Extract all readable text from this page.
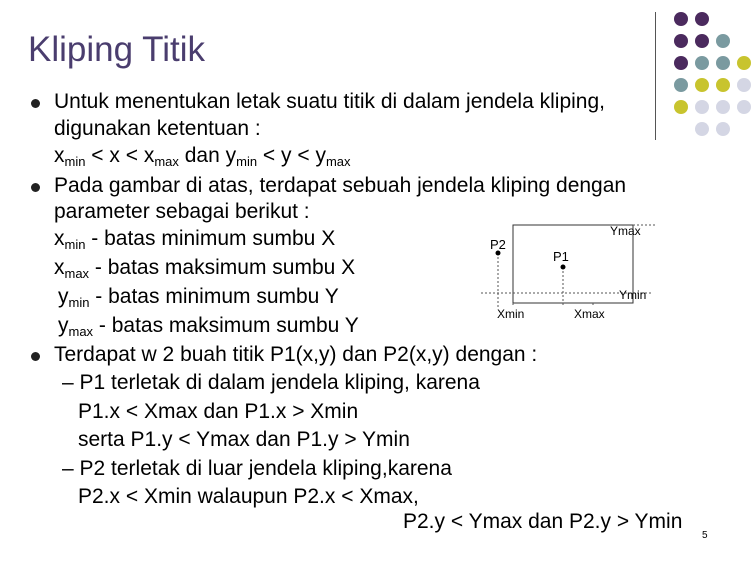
Kliping Titik
Untuk menentukan letak suatu titik di dalam jendela kliping,
digunakan ketentuan :
$x_{min} < x < x_{max}$ dan $y_{min} < y < y_{max}$
Pada gambar di atas, terdapat sebuah jendela kliping dengan
parameter sebagai berikut :
$x_{min}$ - batas minimum sumbu X
$x_{max}$ - batas maksimum sumbu X
$y_{min}$ - batas minimum sumbu Y
$y_{max}$ - batas maksimum sumbu Y
Terdapat w 2 buah titik P1(x,y) dan P2(x,y) dengan :
– P1 terletak di dalam jendela kliping, karena
P1.x < Xmax dan P1.x > Xmin
serta P1.y < Ymax dan P1.y > Ymin
– P2 terletak di luar jendela kliping,karena
P2.x < Xmin walaupun P2.x < Xmax,
P2.y < Ymax dan P2.y > Ymin
P2
P1
Ymax
Ymin
Xmin	Xmax
5
